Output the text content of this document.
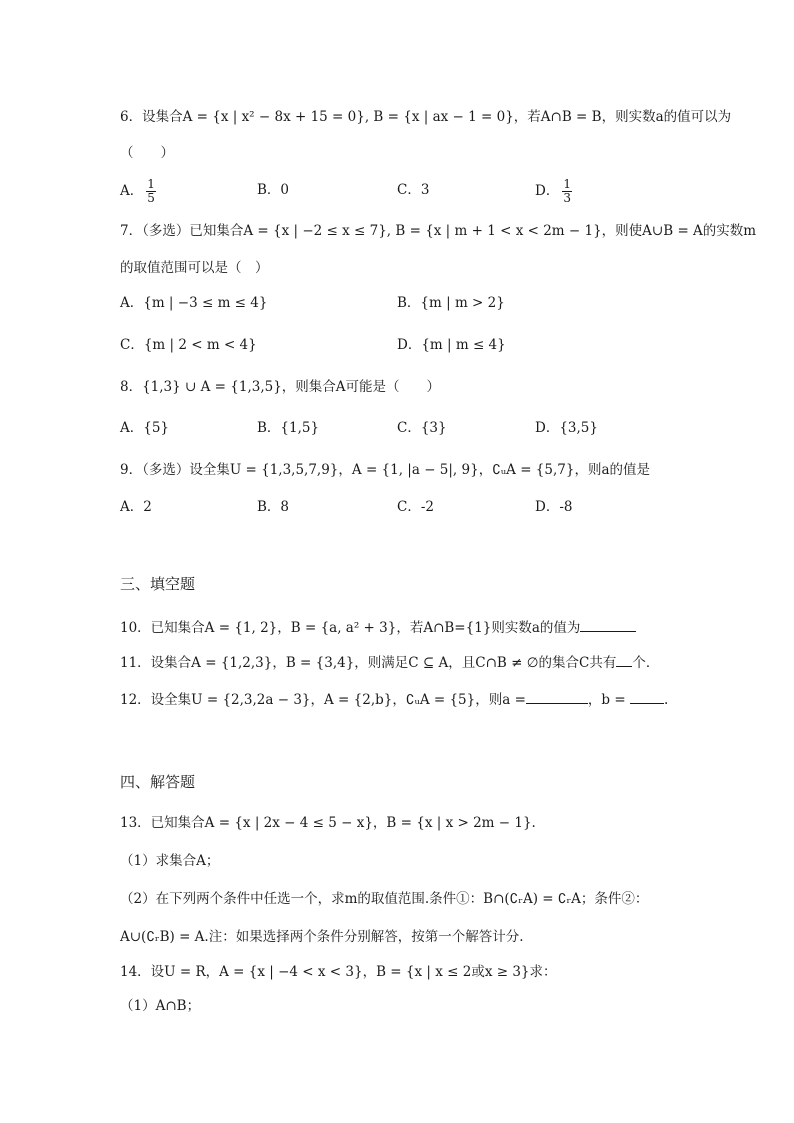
6．设集合A = {x | x² − 8x + 15 = 0}, B = {x | ax − 1 = 0}，若A∩B = B，则实数a的值可以为
（　　）
A． $\frac{1}{5}$	B．0	C．3	D． $\frac{1}{3}$
7．（多选）已知集合A = {x | −2 ≤ x ≤ 7}, B = {x | m + 1 < x < 2m − 1}，则使A∪B = A的实数m
的取值范围可以是（　）
A．{m | −3 ≤ m ≤ 4}	B．{m | m > 2}
C．{m | 2 < m < 4}	D．{m | m ≤ 4}
8．{1,3} ∪ A = {1,3,5}，则集合A可能是（　　）
A．{5}	B．{1,5}	C．{3}	D．{3,5}
9．（多选）设全集U = {1,3,5,7,9}，A = {1, |a − 5|, 9}，∁ᵤA = {5,7}，则a的值是
A．2	B．8	C．-2	D．-8
三、填空题
10．已知集合A = {1, 2}，B = {a, a² + 3}，若A∩B={1}则实数a的值为
11．设集合A = {1,2,3}，B = {3,4}，则满足C ⊆ A，且C∩B ≠ ∅的集合C共有 个．
12．设全集U = {2,3,2a − 3}，A = {2,b}，∁ᵤA = {5}，则a =	，b =	.
四、解答题
13．已知集合A = {x | 2x − 4 ≤ 5 − x}，B = {x | x > 2m − 1}.
（1）求集合A；
（2）在下列两个条件中任选一个，求m的取值范围.条件①：B∩(∁ᵣA) = ∁ᵣA；条件②：
A∪(∁ᵣB) = A.注：如果选择两个条件分别解答，按第一个解答计分.
14．设U = R，A = {x | −4 < x < 3}，B = {x | x ≤ 2或x ≥ 3}求：
（1）A∩B；
